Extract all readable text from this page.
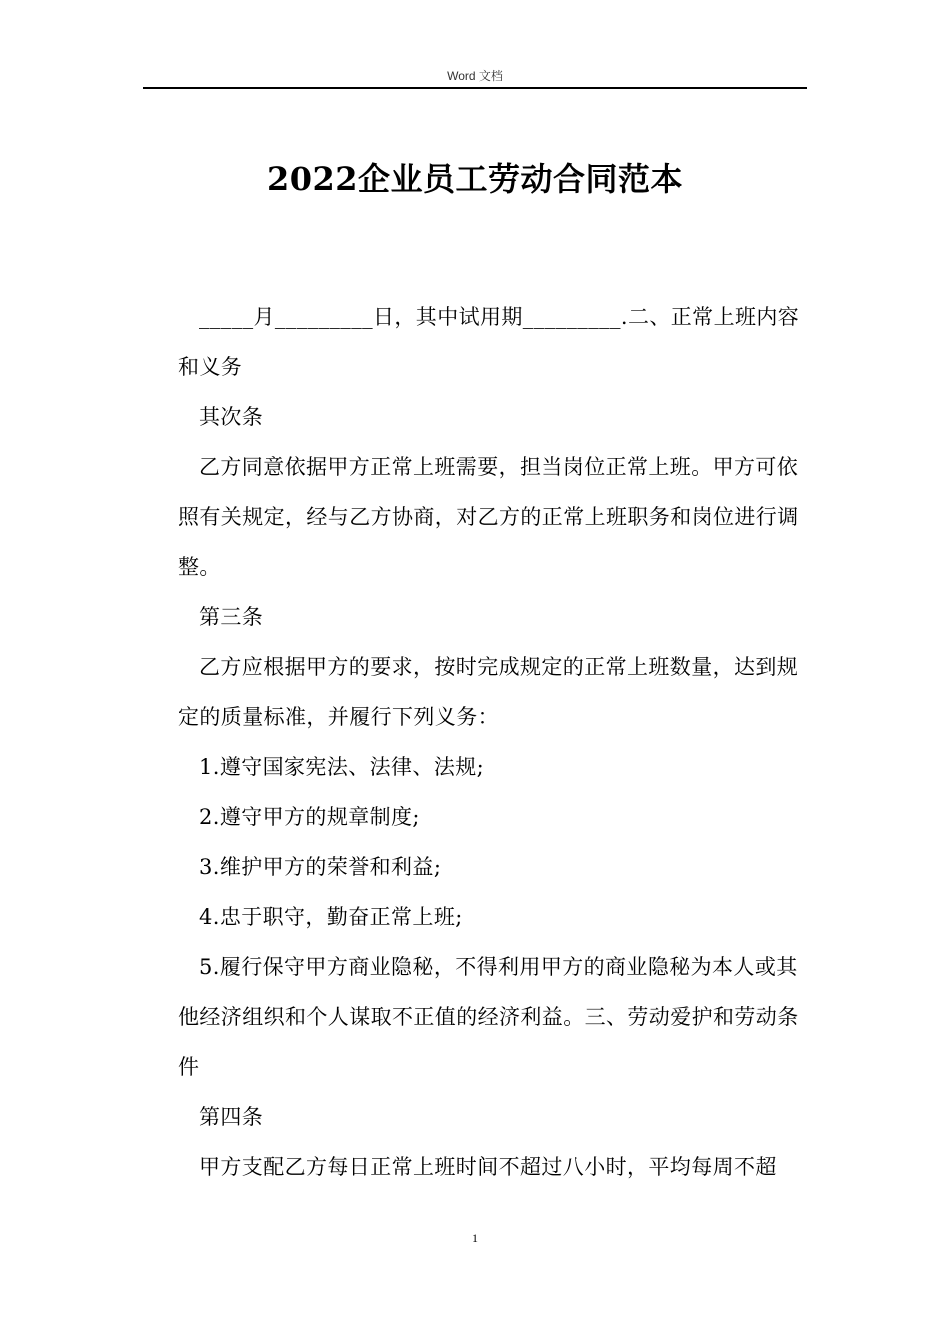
Word 文档
2022企业员工劳动合同范本

_____月_________日，其中试用期_________.二、正常上班内容和义务

其次条

乙方同意依据甲方正常上班需要，担当岗位正常上班。甲方可依照有关规定，经与乙方协商，对乙方的正常上班职务和岗位进行调整。

第三条

乙方应根据甲方的要求，按时完成规定的正常上班数量，达到规定的质量标准，并履行下列义务：

1.遵守国家宪法、法律、法规;

2.遵守甲方的规章制度;

3.维护甲方的荣誉和利益;

4.忠于职守，勤奋正常上班;

5.履行保守甲方商业隐秘，不得利用甲方的商业隐秘为本人或其他经济组织和个人谋取不正值的经济利益。三、劳动爱护和劳动条件

第四条

甲方支配乙方每日正常上班时间不超过八小时，平均每周不超

1
